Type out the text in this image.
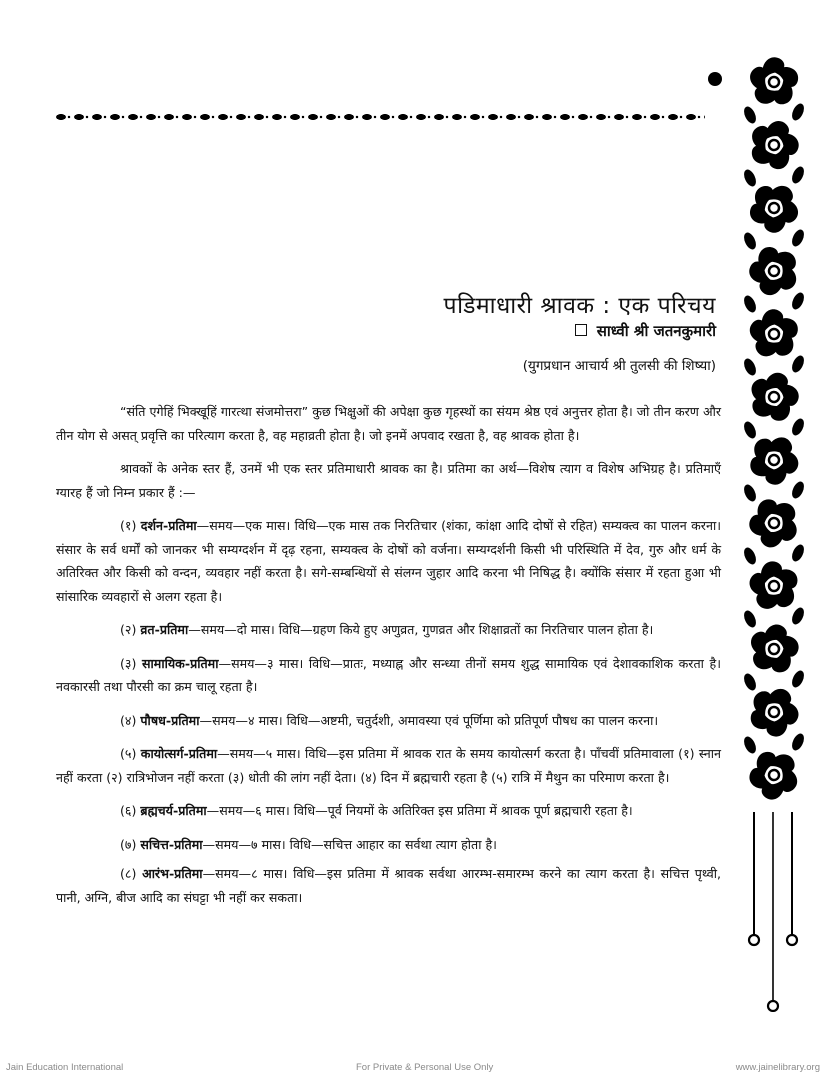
पडिमाधारी श्रावक : एक परिचय
साध्वी श्री जतनकुमारी
(युगप्रधान आचार्य श्री तुलसी की शिष्या)

“संति एगेहिं भिक्खूहिं गारत्था संजमोत्तरा” कुछ भिक्षुओं की अपेक्षा कुछ गृहस्थों का संयम श्रेष्ठ एवं अनुत्तर होता है। जो तीन करण और तीन योग से असत् प्रवृत्ति का परित्याग करता है, वह महाव्रती होता है। जो इनमें अपवाद रखता है, वह श्रावक होता है।

श्रावकों के अनेक स्तर हैं, उनमें भी एक स्तर प्रतिमाधारी श्रावक का है। प्रतिमा का अर्थ—विशेष त्याग व विशेष अभिग्रह है। प्रतिमाएँ ग्यारह हैं जो निम्न प्रकार हैं :—

(१) दर्शन-प्रतिमा—समय—एक मास। विधि—एक मास तक निरतिचार (शंका, कांक्षा आदि दोषों से रहित) सम्यक्त्व का पालन करना। संसार के सर्व धर्मों को जानकर भी सम्यग्दर्शन में दृढ़ रहना, सम्यक्त्व के दोषों को वर्जना। सम्यग्दर्शनी किसी भी परिस्थिति में देव, गुरु और धर्म के अतिरिक्त और किसी को वन्दन, व्यवहार नहीं करता है। सगे-सम्बन्धियों से संलग्न जुहार आदि करना भी निषिद्ध है। क्योंकि संसार में रहता हुआ भी सांसारिक व्यवहारों से अलग रहता है।

(२) व्रत-प्रतिमा—समय—दो मास। विधि—ग्रहण किये हुए अणुव्रत, गुणव्रत और शिक्षाव्रतों का निरतिचार पालन होता है।

(३) सामायिक-प्रतिमा—समय—३ मास। विधि—प्रातः, मध्याह्न और सन्ध्या तीनों समय शुद्ध सामायिक एवं देशावकाशिक करता है। नवकारसी तथा पौरसी का क्रम चालू रहता है।

(४) पौषध-प्रतिमा—समय—४ मास। विधि—अष्टमी, चतुर्दशी, अमावस्या एवं पूर्णिमा को प्रतिपूर्ण पौषध का पालन करना।

(५) कायोत्सर्ग-प्रतिमा—समय—५ मास। विधि—इस प्रतिमा में श्रावक रात के समय कायोत्सर्ग करता है। पाँचवीं प्रतिमावाला (१) स्नान नहीं करता (२) रात्रिभोजन नहीं करता (३) धोती की लांग नहीं देता। (४) दिन में ब्रह्मचारी रहता है (५) रात्रि में मैथुन का परिमाण करता है।

(६) ब्रह्मचर्य-प्रतिमा—समय—६ मास। विधि—पूर्व नियमों के अतिरिक्त इस प्रतिमा में श्रावक पूर्ण ब्रह्मचारी रहता है।

(७) सचित्त-प्रतिमा—समय—७ मास। विधि—सचित्त आहार का सर्वथा त्याग होता है।

(८) आरंभ-प्रतिमा—समय—८ मास। विधि—इस प्रतिमा में श्रावक सर्वथा आरम्भ-समारम्भ करने का त्याग करता है। सचित्त पृथ्वी, पानी, अग्नि, बीज आदि का संघट्टा भी नहीं कर सकता।

Jain Education International	For Private & Personal Use Only	www.jainelibrary.org
